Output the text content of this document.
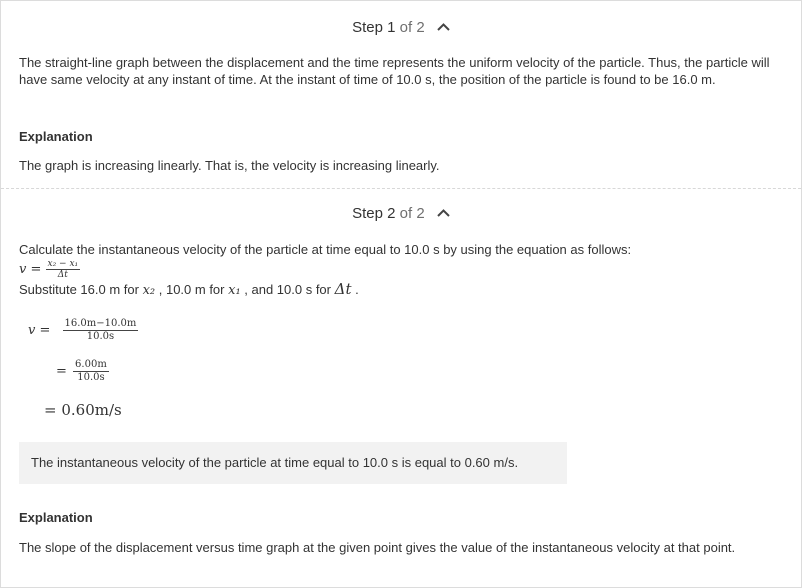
Step 1 of 2
The straight-line graph between the displacement and the time represents the uniform velocity of the particle. Thus, the particle will have same velocity at any instant of time. At the instant of time of 10.0 s, the position of the particle is found to be 16.0 m.
Explanation
The graph is increasing linearly. That is, the velocity is increasing linearly.
Step 2 of 2
Calculate the instantaneous velocity of the particle at time equal to 10.0 s by using the equation as follows:
$v = \frac{\text{x₂ − x₁}}{\Delta t}$
Substitute 16.0 m for x₂ , 10.0 m for x₁ , and 10.0 s for Δt .
$v = \frac{16.0m-10.0m}{10.0s}$
= $\frac{6.00m}{10.0s}$
= 0.60m/s
The instantaneous velocity of the particle at time equal to 10.0 s is equal to 0.60 m/s.
Explanation
The slope of the displacement versus time graph at the given point gives the value of the instantaneous velocity at that point.
